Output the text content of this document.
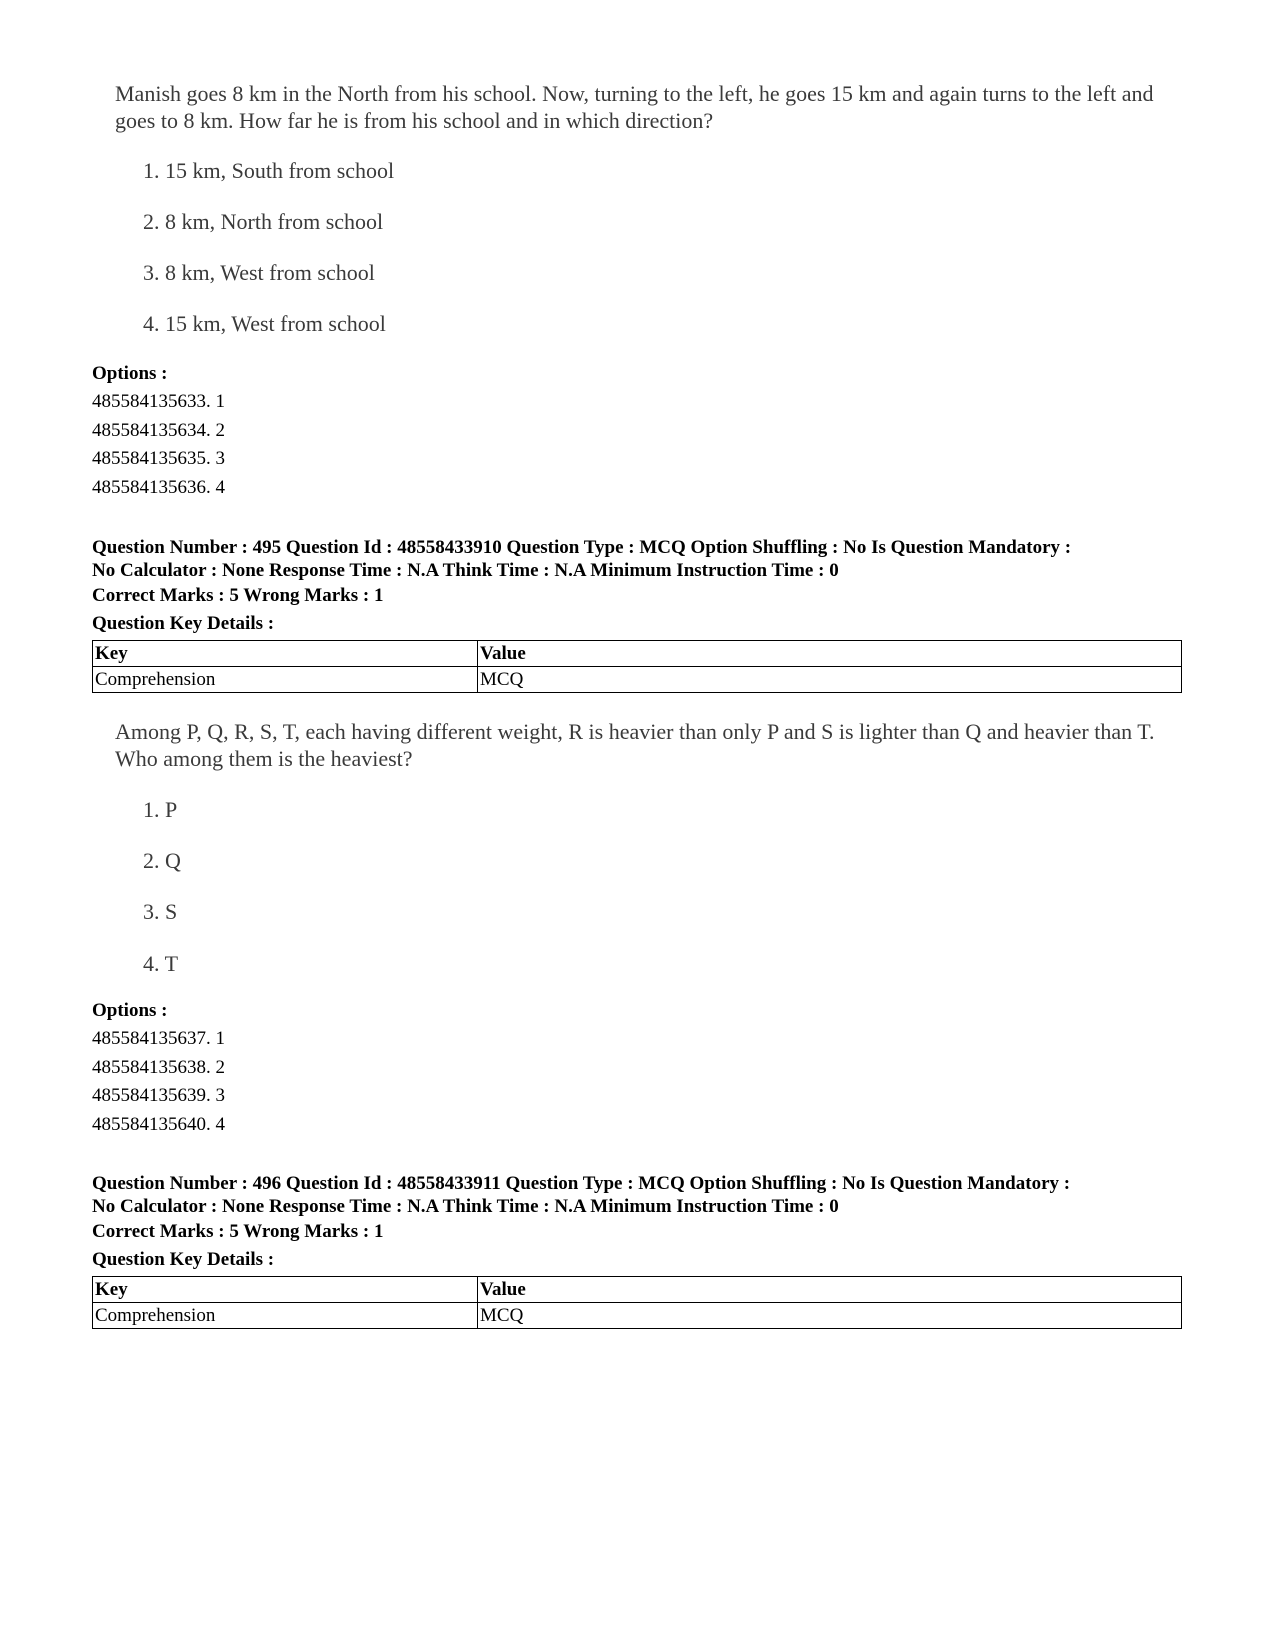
Manish goes 8 km in the North from his school. Now, turning to the left, he goes 15 km and again turns to the left and goes to 8 km. How far he is from his school and in which direction?

1. 15 km, South from school
2. 8 km, North from school
3. 8 km, West from school
4. 15 km, West from school
Options :
485584135633. 1
485584135634. 2
485584135635. 3
485584135636. 4
Question Number : 495 Question Id : 48558433910 Question Type : MCQ Option Shuffling : No Is Question Mandatory :
No Calculator : None Response Time : N.A Think Time : N.A Minimum Instruction Time : 0
Correct Marks : 5 Wrong Marks : 1
Question Key Details :
Key	Value
Comprehension	MCQ

Among P, Q, R, S, T, each having different weight, R is heavier than only P and S is lighter than Q and heavier than T. Who among them is the heaviest?

1. P
2. Q
3. S
4. T
Options :
485584135637. 1
485584135638. 2
485584135639. 3
485584135640. 4
Question Number : 496 Question Id : 48558433911 Question Type : MCQ Option Shuffling : No Is Question Mandatory :
No Calculator : None Response Time : N.A Think Time : N.A Minimum Instruction Time : 0
Correct Marks : 5 Wrong Marks : 1
Question Key Details :
Key	Value
Comprehension	MCQ
